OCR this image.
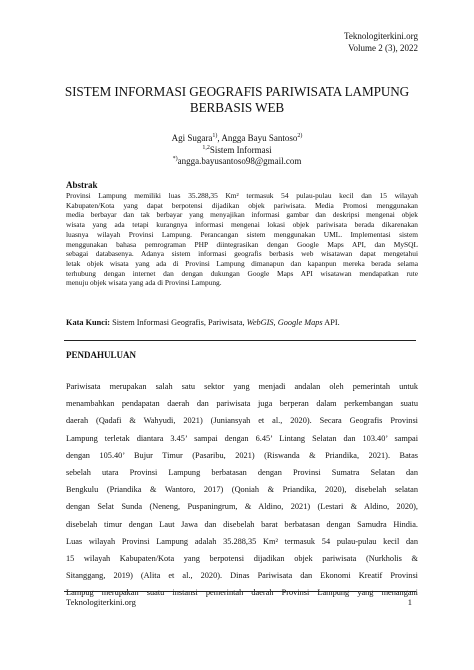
Teknologiterkini.org
Volume 2 (3), 2022
SISTEM INFORMASI GEOGRAFIS PARIWISATA LAMPUNG
BERBASIS WEB
Agi Sugara$^{1)}$, Angga Bayu Santoso$^{2)}$
$^{1,2}$Sistem Informasi
*)angga.bayusantoso98@gmail.com
Abstrak
Provinsi Lampung memiliki luas 35.288,35 Km² termasuk 54 pulau-pulau kecil dan 15 wilayah
Kabupaten/Kota yang dapat berpotensi dijadikan objek pariwisata. Media Promosi menggunakan
media berbayar dan tak berbayar yang menyajikan informasi gambar dan deskripsi mengenai objek
wisata yang ada tetapi kurangnya informasi mengenai lokasi objek pariwisata berada dikarenakan
luasnya wilayah Provinsi Lampung. Perancangan sistem menggunakan UML. Implementasi sistem
menggunakan bahasa pemrograman PHP diintegrasikan dengan Google Maps API, dan MySQL
sebagai databasenya. Adanya sistem informasi geografis berbasis web wisatawan dapat mengetahui
letak objek wisata yang ada di Provinsi Lampung dimanapun dan kapanpun mereka berada selama
terhubung dengan internet dan dengan dukungan Google Maps API wisatawan mendapatkan rute
menuju objek wisata yang ada di Provinsi Lampung.
Kata Kunci: Sistem Informasi Geografis, Pariwisata, WebGIS, Google Maps API.
PENDAHULUAN
Pariwisata merupakan salah satu sektor yang menjadi andalan oleh pemerintah untuk
menambahkan pendapatan daerah dan pariwisata juga berperan dalam perkembangan suatu
daerah (Qadafi & Wahyudi, 2021) (Juniansyah et al., 2020). Secara Geografis Provinsi
Lampung terletak diantara 3.45’ sampai dengan 6.45’ Lintang Selatan dan 103.40’ sampai
dengan 105.40’ Bujur Timur (Pasaribu, 2021) (Riswanda & Priandika, 2021). Batas
sebelah utara Provinsi Lampung berbatasan dengan Provinsi Sumatra Selatan dan
Bengkulu (Priandika & Wantoro, 2017) (Qoniah & Priandika, 2020), disebelah selatan
dengan Selat Sunda (Neneng, Puspaningrum, & Aldino, 2021) (Lestari & Aldino, 2020),
disebelah timur dengan Laut Jawa dan disebelah barat berbatasan dengan Samudra Hindia.
Luas wilayah Provinsi Lampung adalah 35.288,35 Km² termasuk 54 pulau-pulau kecil dan
15 wilayah Kabupaten/Kota yang berpotensi dijadikan objek pariwisata (Nurkholis &
Sitanggang, 2019) (Alita et al., 2020). Dinas Pariwisata dan Ekonomi Kreatif Provinsi
Lampug merupakan suatu instansi pemerintah daerah Provinsi Lampung yang menangani
Teknologiterkini.org	1
